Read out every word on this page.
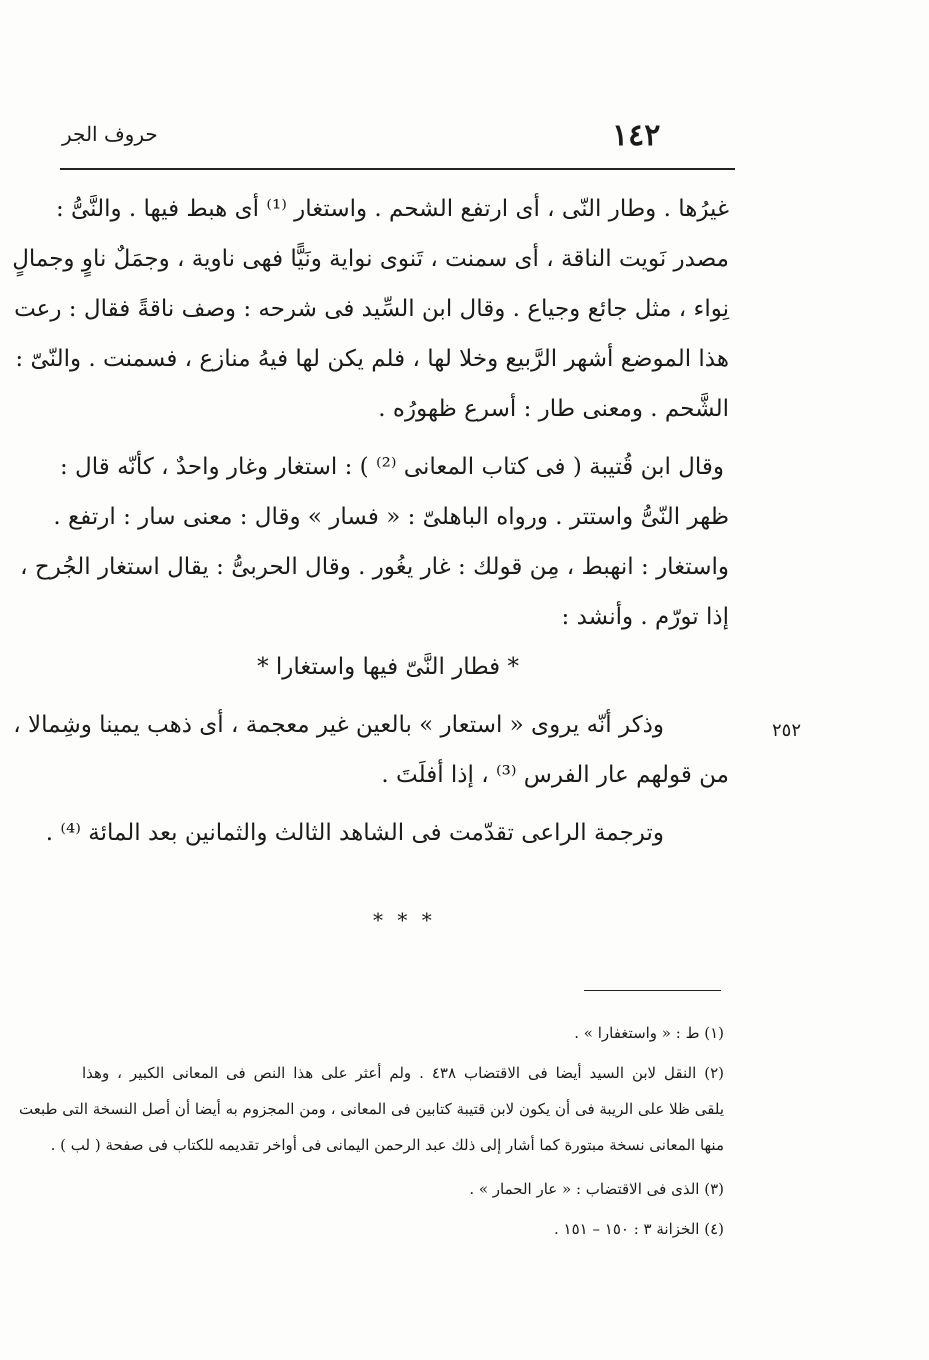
١٤٢
حروف الجر
غيرُها . وطار النّى ، أى ارتفع الشحم . واستغار ⁽¹⁾ أى هبط فيها . والنَّىُّ :
مصدر نَويت الناقة ، أى سمنت ، تَنوى نواية ونَيًّا فهى ناوية ، وجمَلٌ ناوٍ وجمالٍ
نِواء ، مثل جائع وجياع . وقال ابن السِّيد فى شرحه : وصف ناقةً فقال : رعت
هذا الموضع أشهر الرَّبيع وخلا لها ، فلم يكن لها فيهُ منازع ، فسمنت . والنّىّ :
الشَّحم . ومعنى طار : أسرع ظهورُه .
وقال ابن قُتيبة ( فى كتاب المعانى ⁽²⁾ ) : استغار وغار واحدٌ ، كأنّه قال :
ظهر النّىُّ واستتر . ورواه الباهلىّ : « فسار » وقال : معنى سار : ارتفع .
واستغار : انهبط ، مِن قولك : غار يغُور . وقال الحربىُّ : يقال استغار الجُرح ،
إذا تورّم . وأنشد :
* فطار النَّىّ فيها واستغارا *
٢٥٢
وذكر أنّه يروى « استعار » بالعين غير معجمة ، أى ذهب يمينا وشِمالا ،
من قولهم عار الفرس ⁽³⁾ ، إذا أفلَتَ .
وترجمة الراعى تقدّمت فى الشاهد الثالث والثمانين بعد المائة ⁽⁴⁾ .
* * *
(١) ط : « واستغفارا » .
(٢) النقل لابن السيد أيضا فى الاقتضاب ٤٣٨ . ولم أعثر على هذا النص فى المعانى الكبير ، وهذا
يلقى ظلا على الريبة فى أن يكون لابن قتيبة كتابين فى المعانى ، ومن المجزوم به أيضا أن أصل النسخة التى طبعت
منها المعانى نسخة مبتورة كما أشار إلى ذلك عبد الرحمن اليمانى فى أواخر تقديمه للكتاب فى صفحة ( لب ) .
(٣) الذى فى الاقتضاب : « عار الحمار » .
(٤) الخزانة ٣ : ١٥٠ – ١٥١ .
